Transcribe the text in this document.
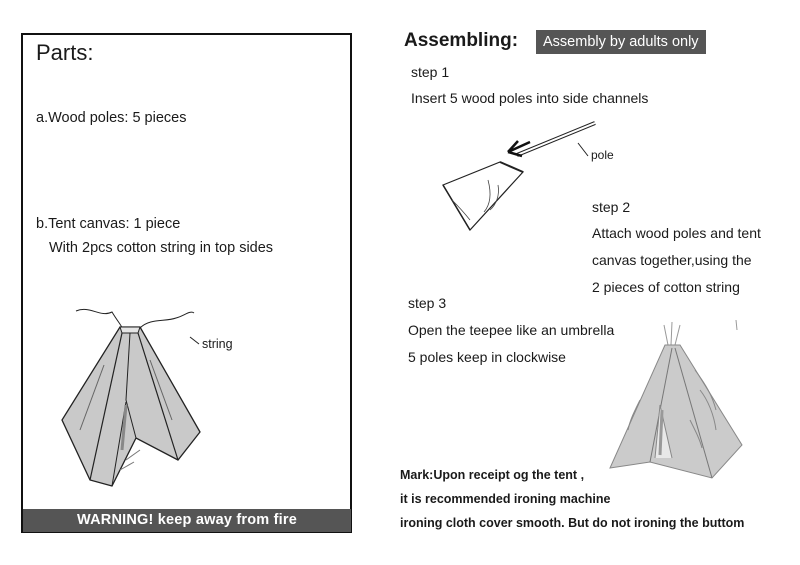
Parts:
a.Wood poles: 5 pieces
b.Tent canvas: 1 piece
With 2pcs cotton string in top sides
string
WARNING! keep away from fire
Assembling:	Assembly by adults only
step 1
Insert 5 wood poles into side channels
pole
step 2
Attach wood poles and tent
canvas together,using the
2 pieces of cotton string
step 3
Open the teepee like an umbrella
5 poles keep in clockwise
Mark:Upon receipt og the tent ,
it is recommended ironing machine
ironing cloth cover smooth. But do not ironing the buttom
